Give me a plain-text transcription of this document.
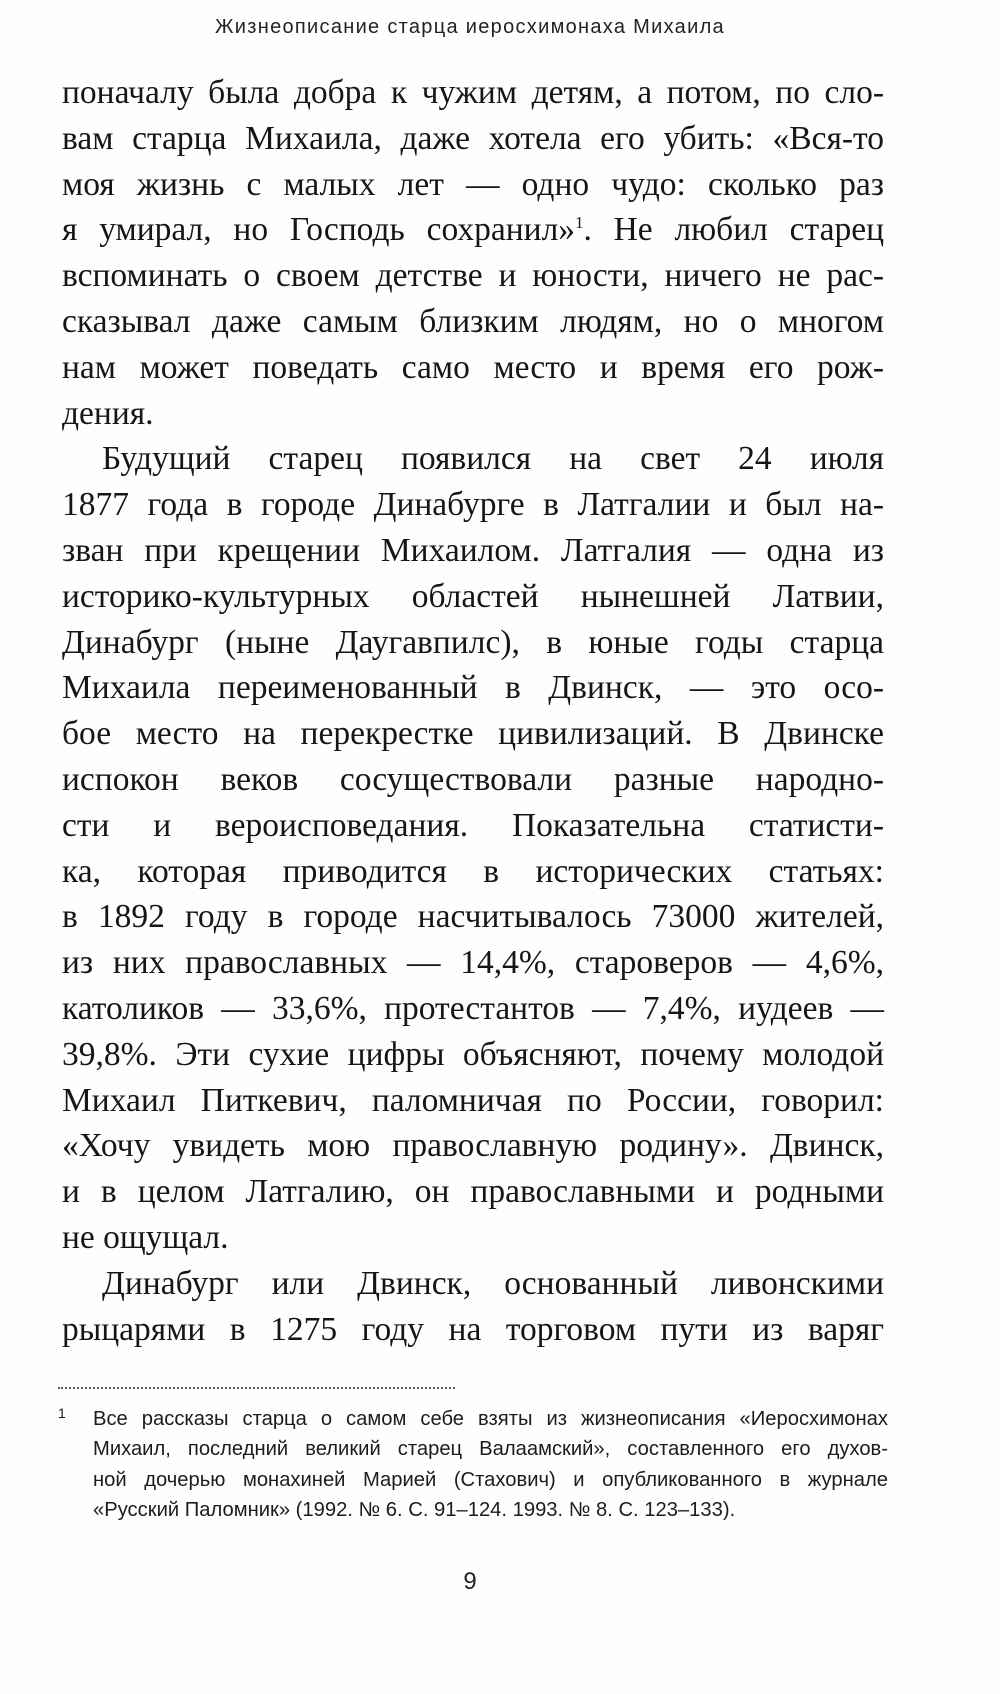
Жизнеописание старца иеросхимонаха Михаила
поначалу была добра к чужим детям, а потом, по сло-
вам старца Михаила, даже хотела его убить: «Вся-то
моя жизнь с малых лет — одно чудо: сколько раз
я умирал, но Господь сохранил»$^1$. Не любил старец
вспоминать о своем детстве и юности, ничего не рас-
сказывал даже самым близким людям, но о многом
нам может поведать само место и время его рож-
дения.
Будущий старец появился на свет 24 июля
1877 года в городе Динабурге в Латгалии и был на-
зван при крещении Михаилом. Латгалия — одна из
историко-культурных областей нынешней Латвии,
Динабург (ныне Даугавпилс), в юные годы старца
Михаила переименованный в Двинск, — это осо-
бое место на перекрестке цивилизаций. В Двинске
испокон веков сосуществовали разные народно-
сти и вероисповедания. Показательна статисти-
ка, которая приводится в исторических статьях:
в 1892 году в городе насчитывалось 73000 жителей,
из них православных — 14,4%, староверов — 4,6%,
католиков — 33,6%, протестантов — 7,4%, иудеев —
39,8%. Эти сухие цифры объясняют, почему молодой
Михаил Питкевич, паломничая по России, говорил:
«Хочу увидеть мою православную родину». Двинск,
и в целом Латгалию, он православными и родными
не ощущал.
Динабург или Двинск, основанный ливонскими
рыцарями в 1275 году на торговом пути из варяг
1 Все рассказы старца о самом себе взяты из жизнеописания «Иеросхимонах
Михаил, последний великий старец Валаамский», составленного его духов-
ной дочерью монахиней Марией (Стахович) и опубликованного в журнале
«Русский Паломник» (1992. № 6. С. 91–124. 1993. № 8. С. 123–133).
9
